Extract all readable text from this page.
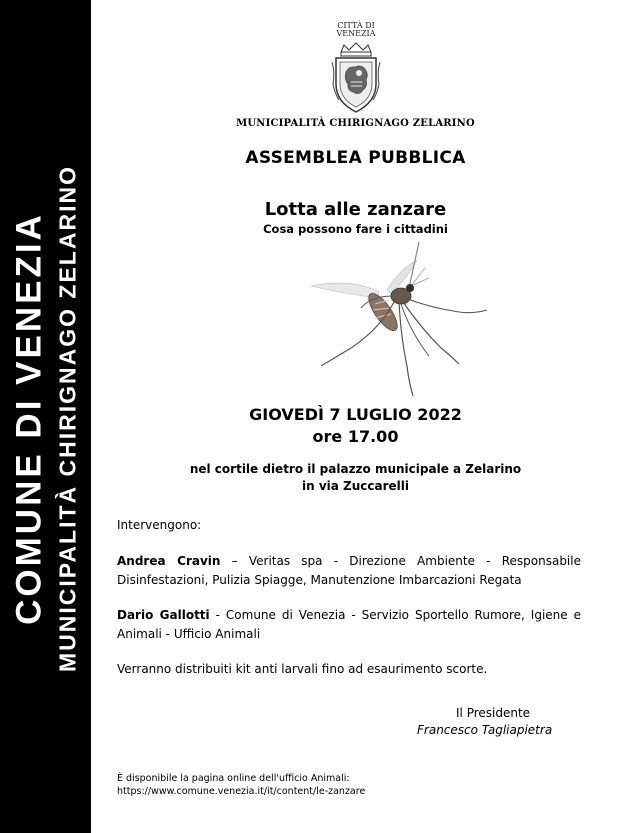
COMUNE DI VENEZIA MUNICIPALITÀ CHIRIGNAGO ZELARINO
CITTÀ DI
VENEZIA
MUNICIPALITÀ CHIRIGNAGO ZELARINO
ASSEMBLEA PUBBLICA
Lotta alle zanzare
Cosa possono fare i cittadini
GIOVEDÌ 7 LUGLIO 2022
ore 17.00
nel cortile dietro il palazzo municipale a Zelarino
in via Zuccarelli
Intervengono:
Andrea Cravin – Veritas spa - Direzione Ambiente - Responsabile Disinfestazioni, Pulizia Spiagge, Manutenzione Imbarcazioni Regata
Dario Gallotti - Comune di Venezia - Servizio Sportello Rumore, Igiene e Animali - Ufficio Animali
Verranno distribuiti kit anti larvali fino ad esaurimento scorte.
Il Presidente
Francesco Tagliapietra
È disponibile la pagina online dell'ufficio Animali:
https://www.comune.venezia.it/it/content/le-zanzare
